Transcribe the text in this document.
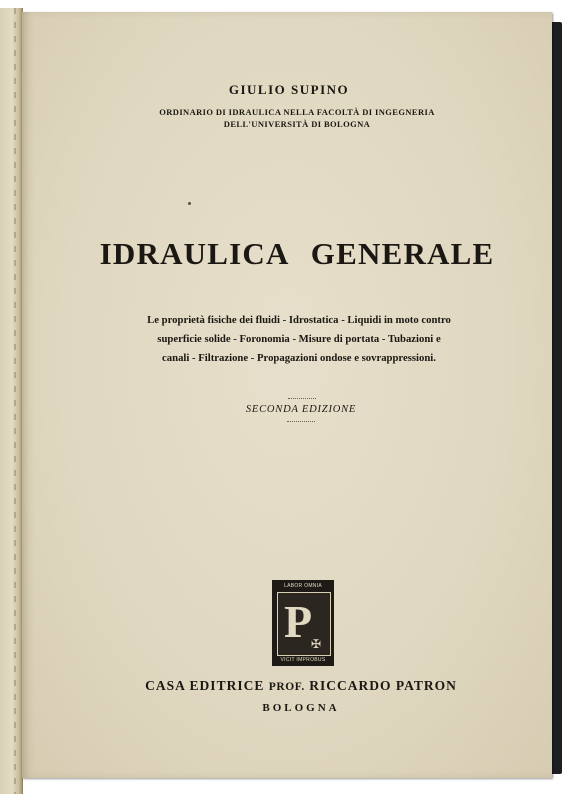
GIULIO SUPINO
ORDINARIO DI IDRAULICA NELLA FACOLTÀ DI INGEGNERIA
DELL'UNIVERSITÀ DI BOLOGNA
IDRAULICA GENERALE
Le proprietà fisiche dei fluidi - Idrostatica - Liquidi in moto contro
superficie solide - Foronomia - Misure di portata - Tubazioni e
canali - Filtrazione - Propagazioni ondose e sovrappressioni.
SECONDA EDIZIONE
LABOR OMNIA
P
✠
VICIT IMPROBUS
CASA EDITRICE PROF. RICCARDO PATRON
BOLOGNA
